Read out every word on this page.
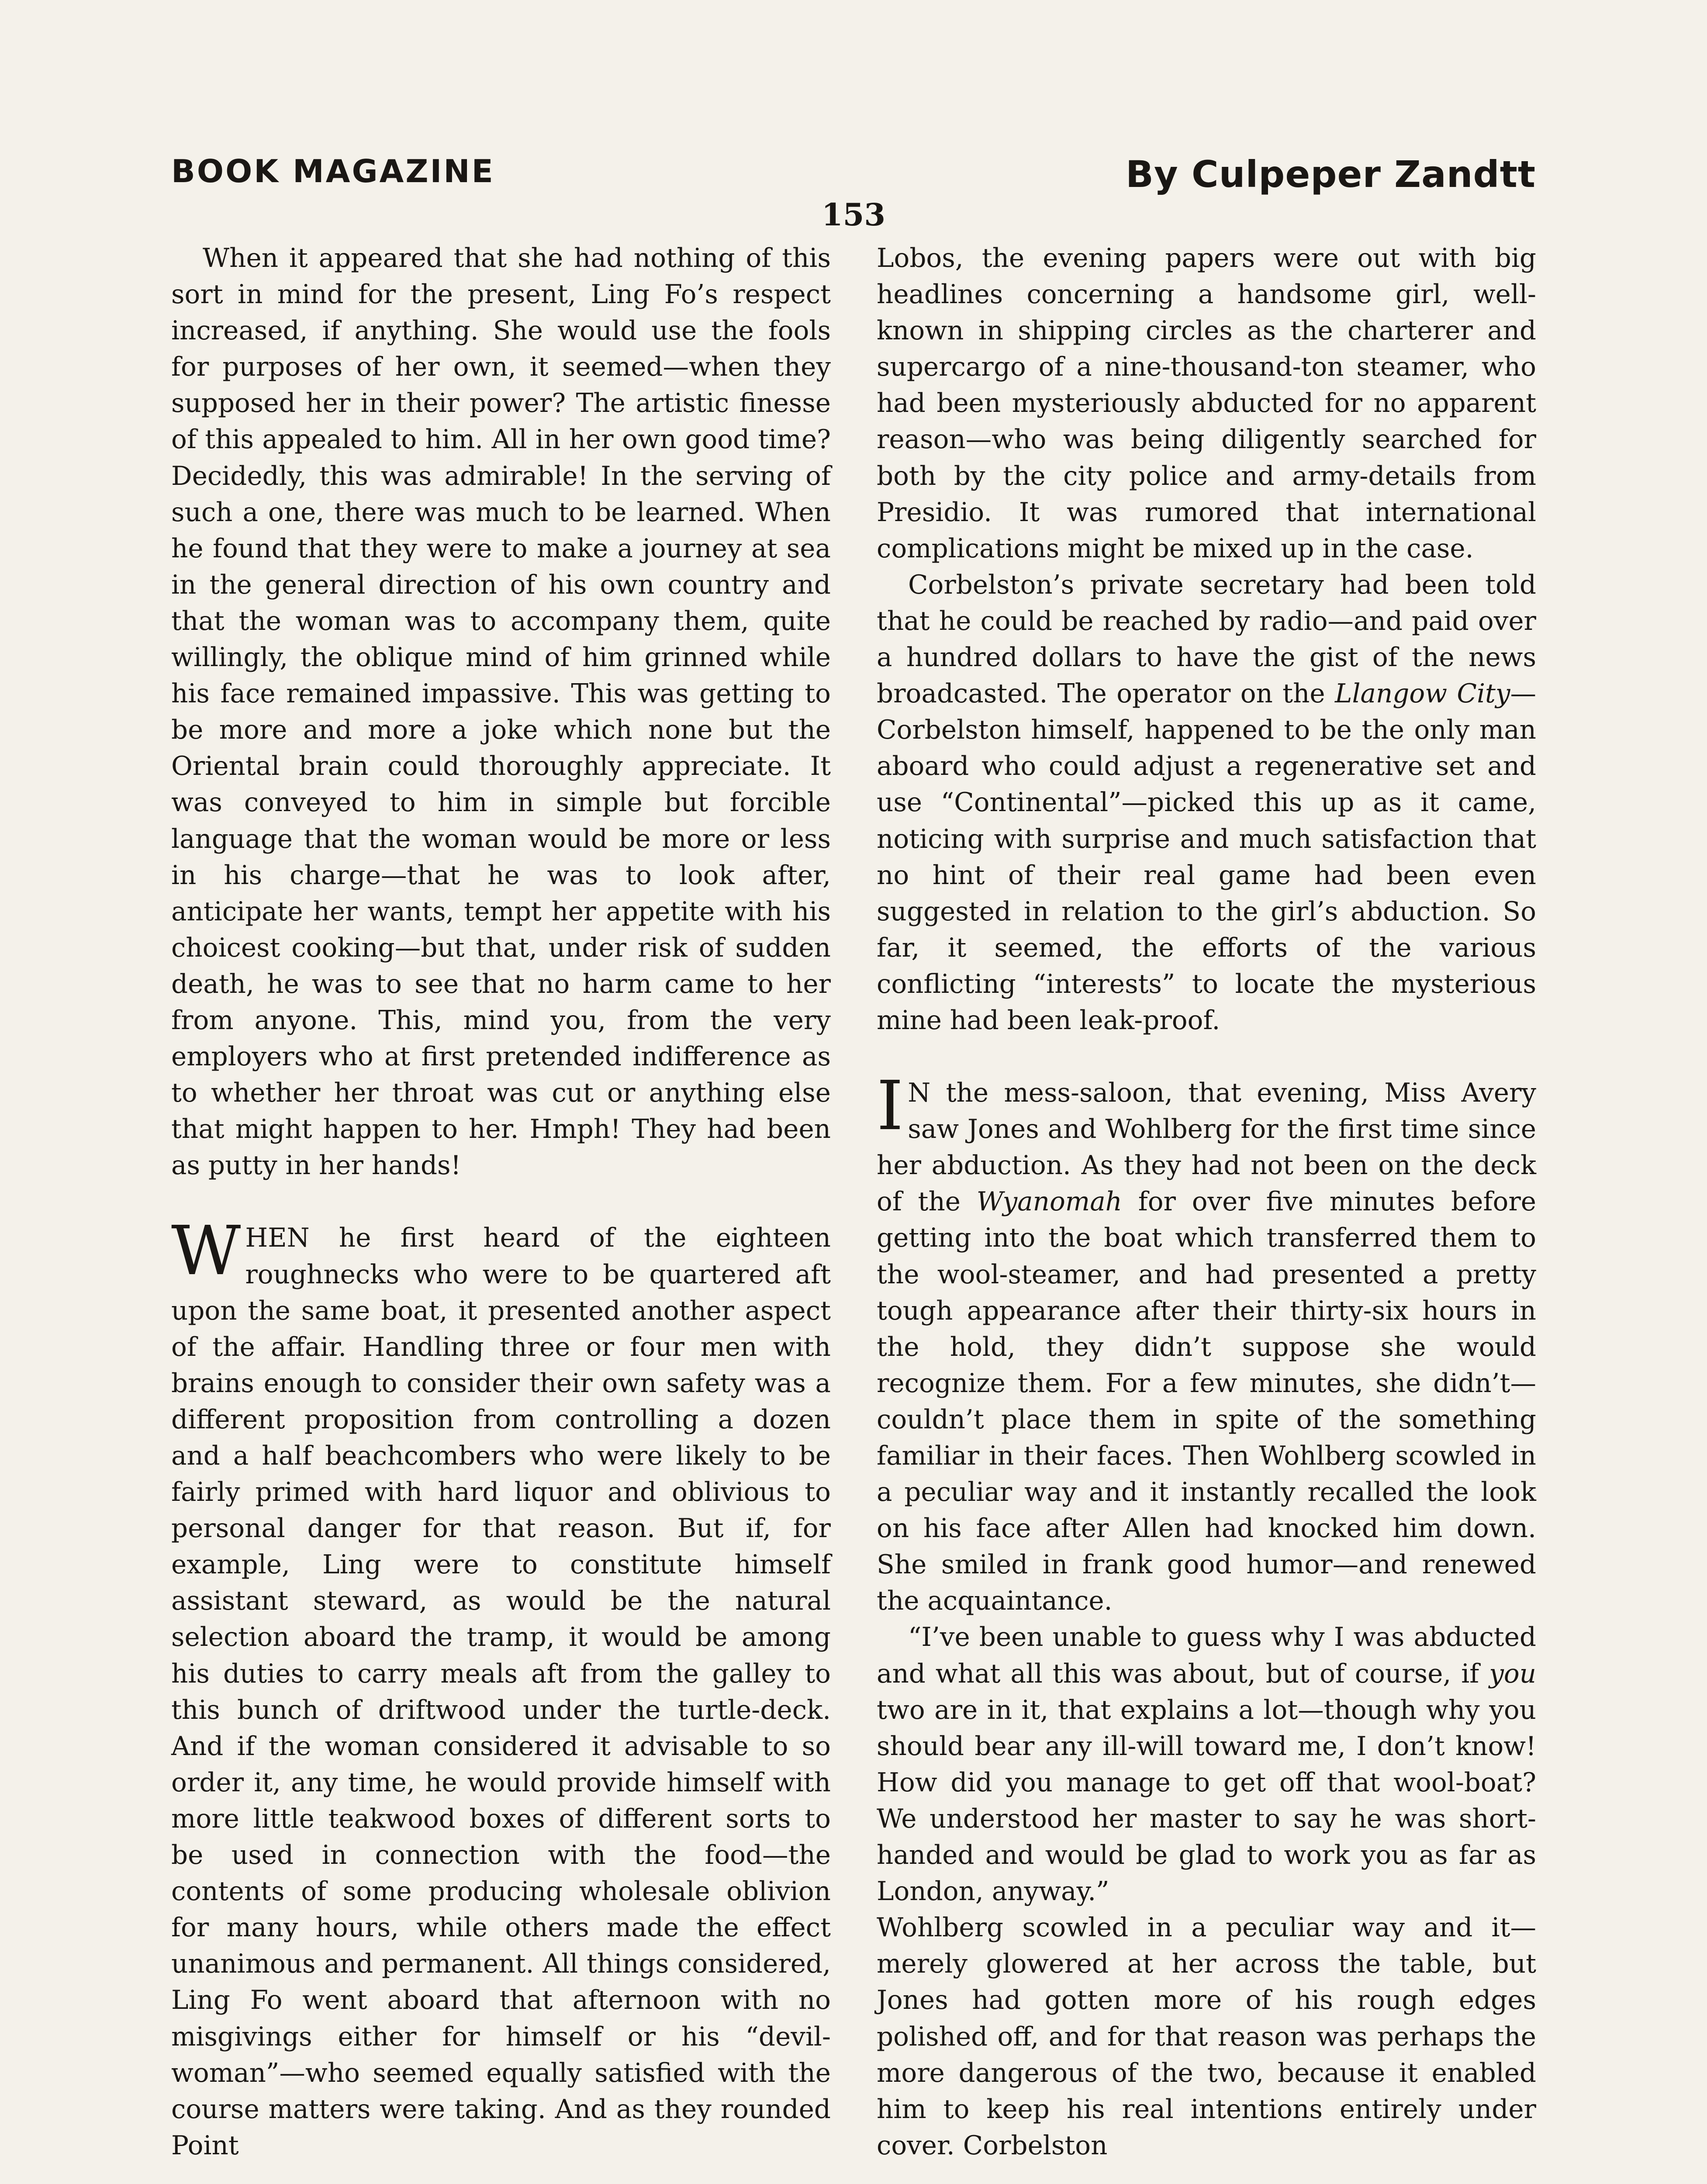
BOOK MAGAZINE	By Culpeper Zandtt
153

When it appeared that she had nothing of this sort in mind for the present, Ling Fo’s respect increased, if anything. She would use the fools for purposes of her own, it seemed—when they supposed her in their power? The artistic finesse of this appealed to him. All in her own good time? Decidedly, this was admirable! In the serving of such a one, there was much to be learned. When he found that they were to make a journey at sea in the general direction of his own country and that the woman was to accompany them, quite willingly, the oblique mind of him grinned while his face remained impassive. This was getting to be more and more a joke which none but the Oriental brain could thoroughly appreciate. It was conveyed to him in simple but forcible language that the woman would be more or less in his charge—that he was to look after, anticipate her wants, tempt her appetite with his choicest cooking—but that, under risk of sudden death, he was to see that no harm came to her from anyone. This, mind you, from the very employers who at first pretended indifference as to whether her throat was cut or anything else that might happen to her. Hmph! They had been as putty in her hands!

WHEN he first heard of the eighteen roughnecks who were to be quartered aft upon the same boat, it presented another aspect of the affair. Handling three or four men with brains enough to consider their own safety was a different proposition from controlling a dozen and a half beachcombers who were likely to be fairly primed with hard liquor and oblivious to personal danger for that reason. But if, for example, Ling were to constitute himself assistant steward, as would be the natural selection aboard the tramp, it would be among his duties to carry meals aft from the galley to this bunch of driftwood under the turtle-deck. And if the woman considered it advisable to so order it, any time, he would provide himself with more little teakwood boxes of different sorts to be used in connection with the food—the contents of some producing wholesale oblivion for many hours, while others made the effect unanimous and permanent. All things considered, Ling Fo went aboard that afternoon with no misgivings either for himself or his “devil-woman”—who seemed equally satisfied with the course matters were taking. And as they rounded Point

Lobos, the evening papers were out with big headlines concerning a handsome girl, well-known in shipping circles as the charterer and supercargo of a nine-thousand-ton steamer, who had been mysteriously abducted for no apparent reason—who was being diligently searched for both by the city police and army-details from Presidio. It was rumored that international complications might be mixed up in the case.

Corbelston’s private secretary had been told that he could be reached by radio—and paid over a hundred dollars to have the gist of the news broadcasted. The operator on the Llangow City—Corbelston himself, happened to be the only man aboard who could adjust a regenerative set and use “Continental”—picked this up as it came, noticing with surprise and much satisfaction that no hint of their real game had been even suggested in relation to the girl’s abduction. So far, it seemed, the efforts of the various conflicting “interests” to locate the mysterious mine had been leak-proof.

IN the mess-saloon, that evening, Miss Avery saw Jones and Wohlberg for the first time since her abduction. As they had not been on the deck of the Wyanomah for over five minutes before getting into the boat which transferred them to the wool-steamer, and had presented a pretty tough appearance after their thirty-six hours in the hold, they didn’t suppose she would recognize them. For a few minutes, she didn’t—couldn’t place them in spite of the something familiar in their faces. Then Wohlberg scowled in a peculiar way and it instantly recalled the look on his face after Allen had knocked him down. She smiled in frank good humor—and renewed the acquaintance.

“I’ve been unable to guess why I was abducted and what all this was about, but of course, if you two are in it, that explains a lot—though why you should bear any ill-will toward me, I don’t know! How did you manage to get off that wool-boat? We understood her master to say he was short-handed and would be glad to work you as far as London, anyway.”

Wohlberg scowled in a peculiar way and it—merely glowered at her across the table, but Jones had gotten more of his rough edges polished off, and for that reason was perhaps the more dangerous of the two, because it enabled him to keep his real intentions entirely under cover. Corbelston
